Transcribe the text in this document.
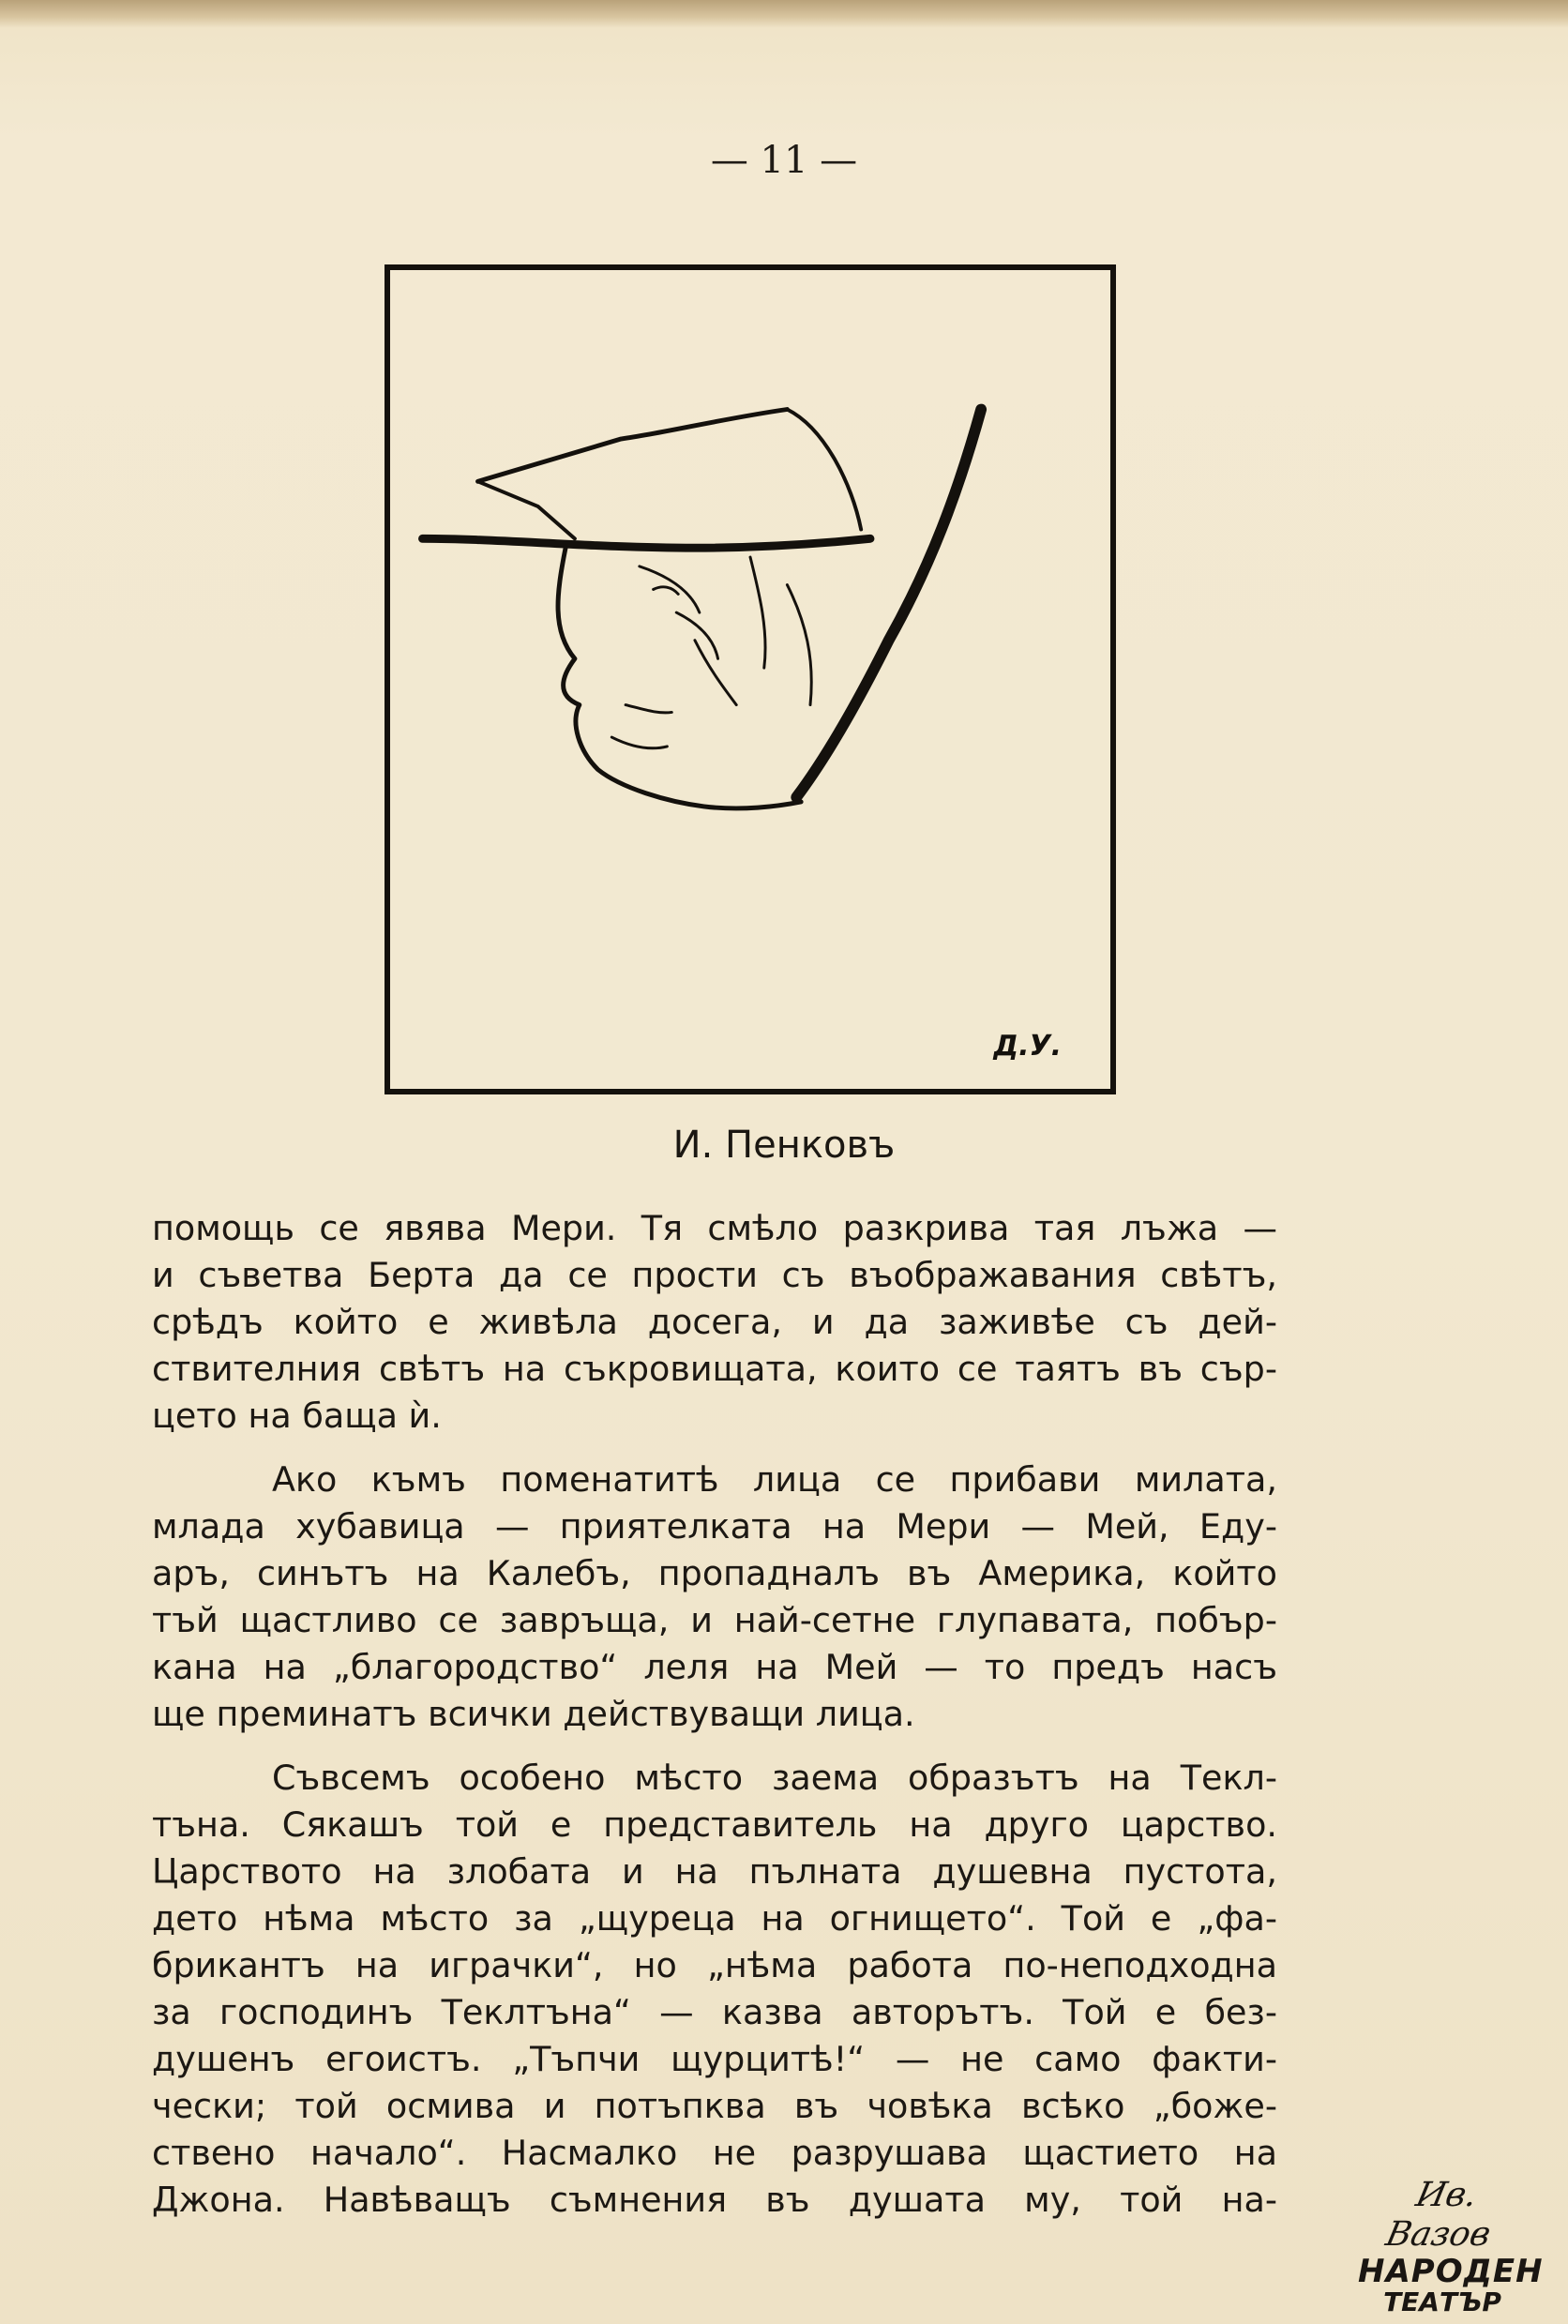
— 11 —
Д.У.
И. Пенковъ
помощь се явява Мери. Тя смѣло разкрива тая лъжа —
и съветва Берта да се прости съ въображавания свѣтъ,
срѣдъ който е живѣла досега, и да заживѣе съ дей-
ствителния свѣтъ на съкровищата, които се таятъ въ сър-
цето на баща ѝ.
Ако къмъ поменатитѣ лица се прибави милата,
млада хубавица — приятелката на Мери — Мей, Еду-
аръ, синътъ на Калебъ, пропадналъ въ Америка, който
тъй щастливо се завръща, и най-сетне глупавата, побър-
кана на „благородство“ леля на Мей — то предъ насъ
ще преминатъ всички действуващи лица.
Съвсемъ особено мѣсто заема образътъ на Текл-
тъна. Сякашъ той е представитель на друго царство.
Царството на злобата и на пълната душевна пустота,
дето нѣма мѣсто за „щуреца на огнището“. Той е „фа-
брикантъ на играчки“, но „нѣма работа по-неподходна
за господинъ Теклтъна“ — казва авторътъ. Той е без-
душенъ егоистъ. „Тъпчи щурцитѣ!“ — не само факти-
чески; той осмива и потъпква въ човѣка всѣко „боже-
ствено начало“. Насмалко не разрушава щастието на
Джона. Навѣващъ съмнения въ душата му, той на-	Ив. Вазов
НАРОДЕН
ТЕАТЪР
